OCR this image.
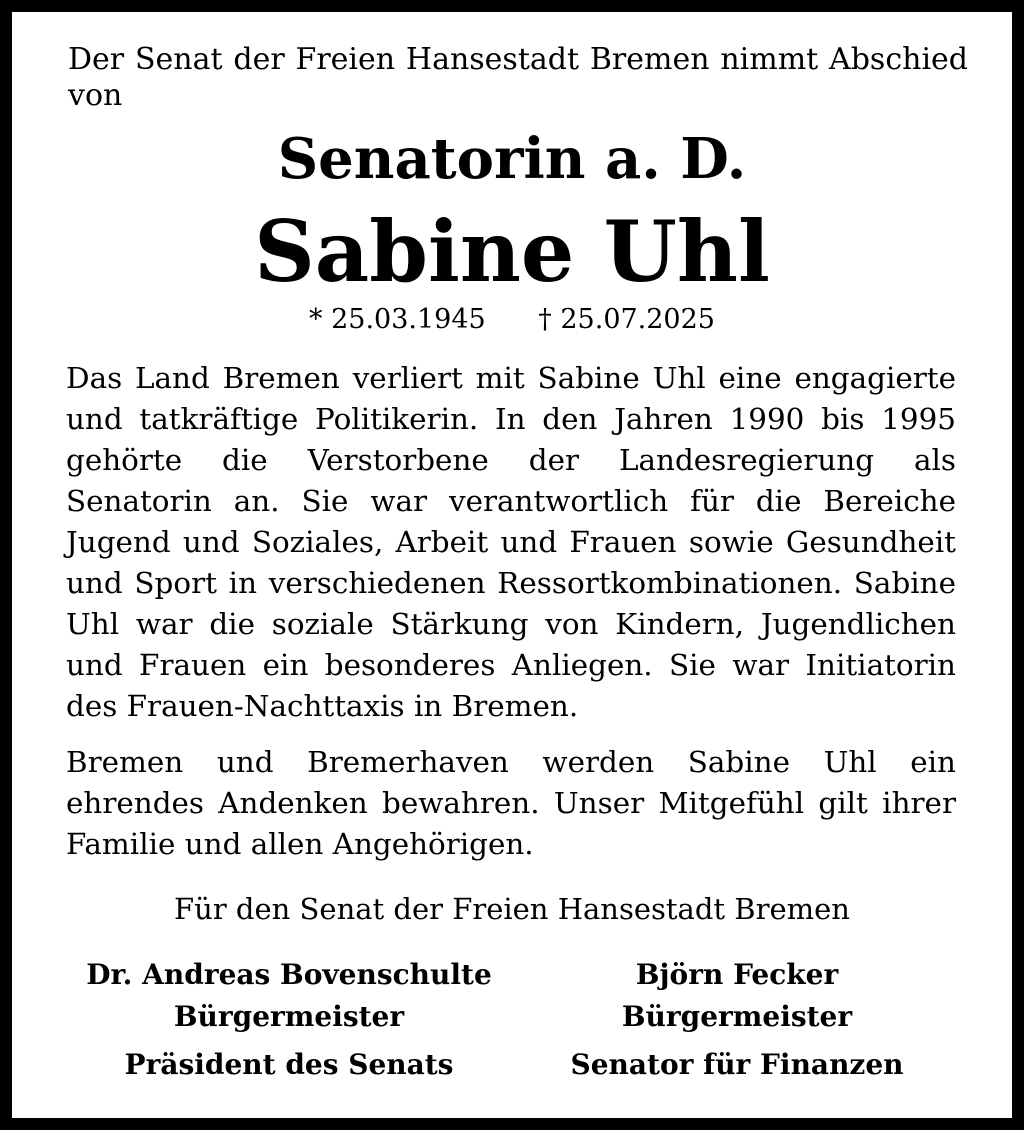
Der Senat der Freien Hansestadt Bremen nimmt Abschied von
Senatorin a. D.
Sabine Uhl
* 25.03.1945 † 25.07.2025
Das Land Bremen verliert mit Sabine Uhl eine engagierte und tatkräftige Politikerin. In den Jahren 1990 bis 1995 gehörte die Verstorbene der Landesregierung als Senatorin an. Sie war verantwortlich für die Bereiche Jugend und Soziales, Arbeit und Frauen sowie Gesundheit und Sport in verschiedenen Ressortkombinationen. Sabine Uhl war die soziale Stärkung von Kindern, Jugendlichen und Frauen ein besonderes Anliegen. Sie war Initiatorin des Frauen-Nachttaxis in Bremen.
Bremen und Bremerhaven werden Sabine Uhl ein ehrendes Andenken bewahren. Unser Mitgefühl gilt ihrer Familie und allen Angehörigen.
Für den Senat der Freien Hansestadt Bremen
Dr. Andreas Bovenschulte
Bürgermeister
Präsident des Senats
Björn Fecker
Bürgermeister
Senator für Finanzen
